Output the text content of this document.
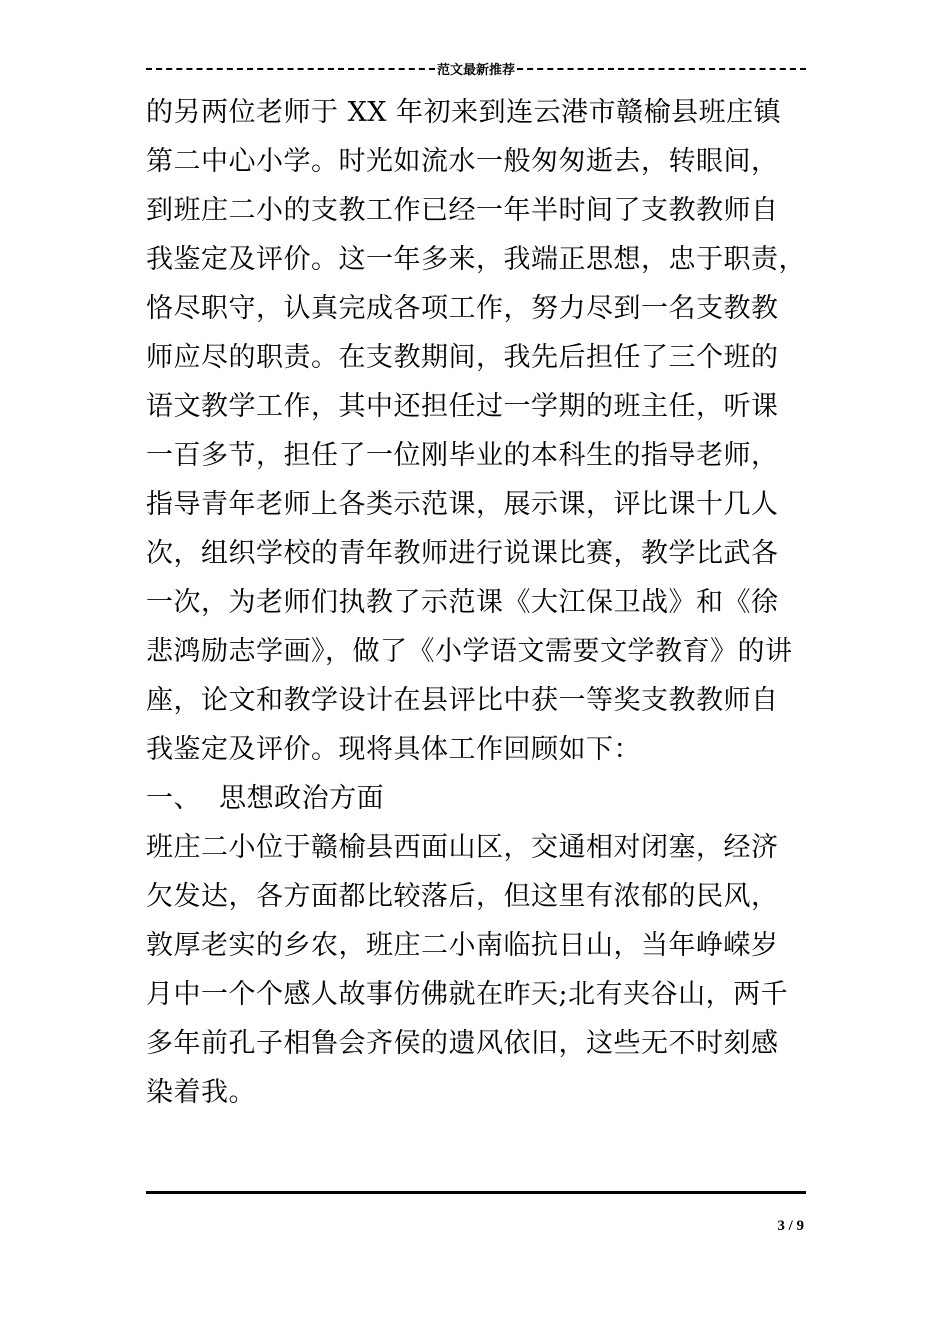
范文最新推荐
的另两位老师于 XX 年初来到连云港市赣榆县班庄镇
第二中心小学。时光如流水一般匆匆逝去，转眼间，
到班庄二小的支教工作已经一年半时间了支教教师自
我鉴定及评价。这一年多来，我端正思想，忠于职责，
恪尽职守，认真完成各项工作，努力尽到一名支教教
师应尽的职责。在支教期间，我先后担任了三个班的
语文教学工作，其中还担任过一学期的班主任，听课
一百多节，担任了一位刚毕业的本科生的指导老师，
指导青年老师上各类示范课，展示课，评比课十几人
次，组织学校的青年教师进行说课比赛，教学比武各
一次，为老师们执教了示范课《大江保卫战》和《徐
悲鸿励志学画》，做了《小学语文需要文学教育》的讲
座，论文和教学设计在县评比中获一等奖支教教师自
我鉴定及评价。现将具体工作回顾如下：
一、  思想政治方面
班庄二小位于赣榆县西面山区，交通相对闭塞，经济
欠发达，各方面都比较落后，但这里有浓郁的民风，
敦厚老实的乡农，班庄二小南临抗日山，当年峥嵘岁
月中一个个感人故事仿佛就在昨天;北有夹谷山，两千
多年前孔子相鲁会齐侯的遗风依旧，这些无不时刻感
染着我。
3 / 9
